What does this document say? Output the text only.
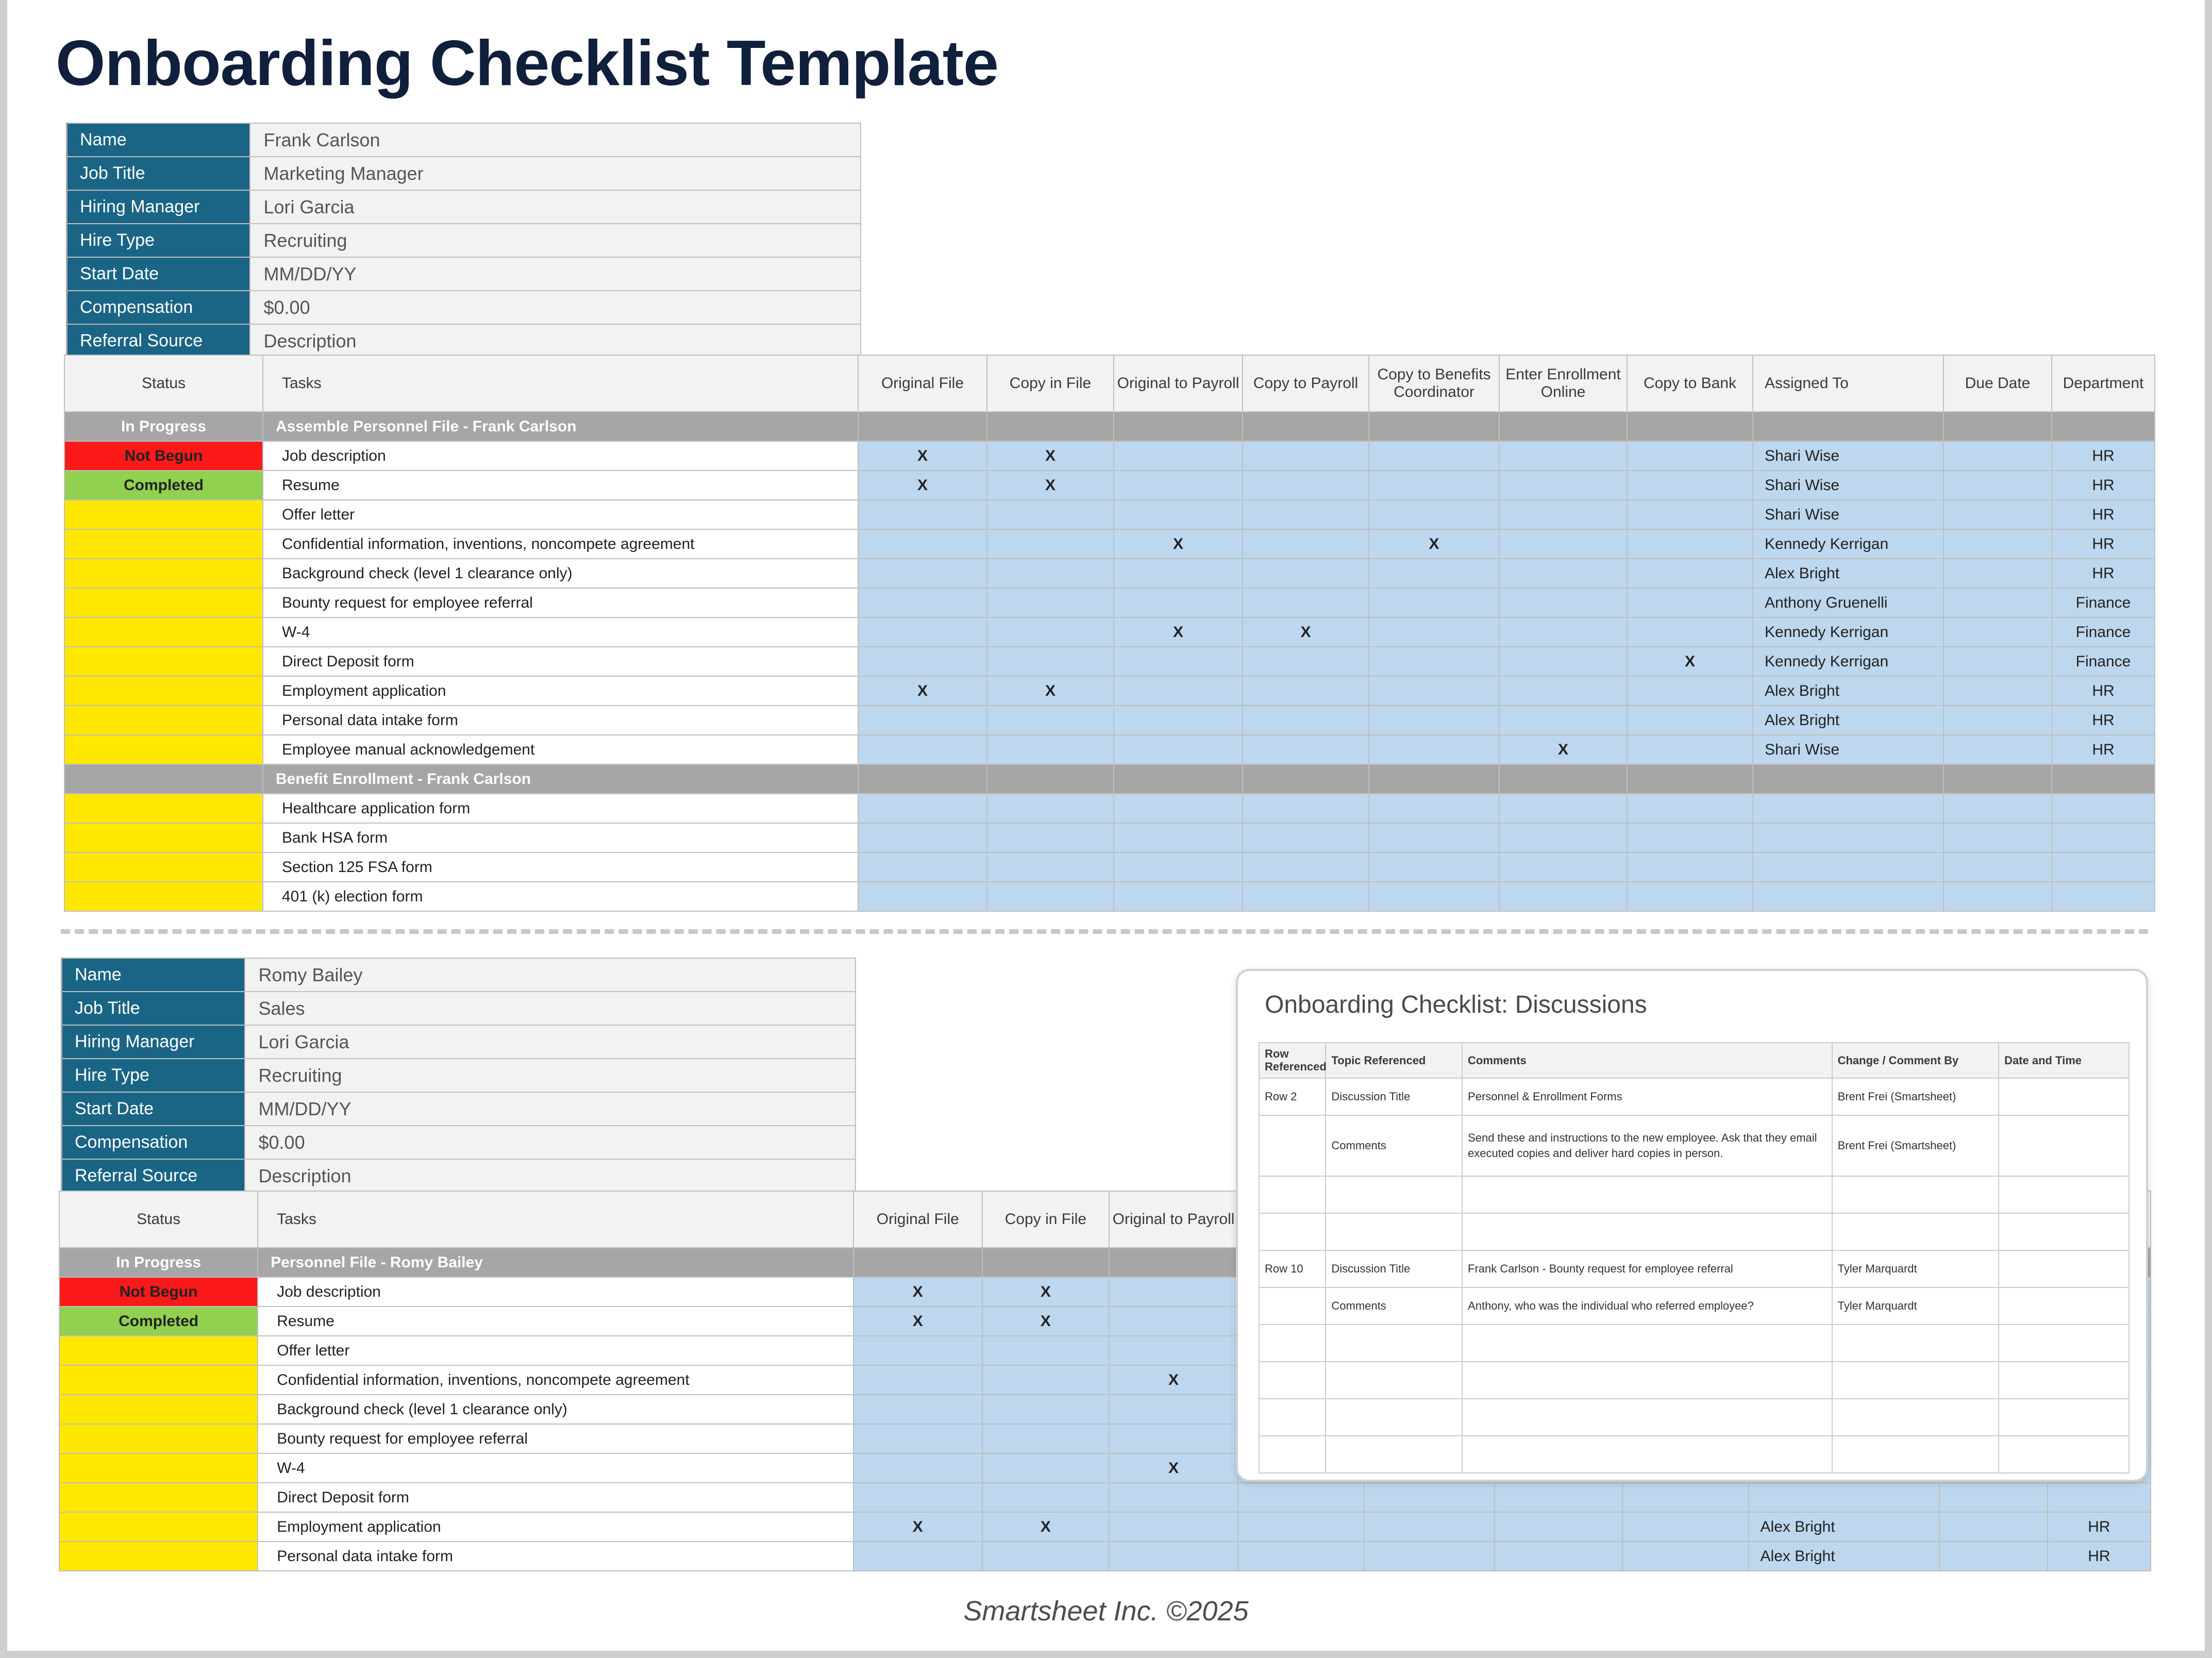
Onboarding Checklist Template
Name	Frank Carlson
Job Title	Marketing Manager
Hiring Manager	Lori Garcia
Hire Type	Recruiting
Start Date	MM/DD/YY
Compensation	$0.00
Referral Source	Description
Status	Tasks	Original File	Copy in File	Original to Payroll	Copy to Payroll	Copy to Benefits Coordinator	Enter Enrollment Online	Copy to Bank	Assigned To	Due Date	Department
In Progress	Assemble Personnel File - Frank Carlson										
Not Begun	Job description	X	X						Shari Wise		HR
Completed	Resume	X	X						Shari Wise		HR
	Offer letter								Shari Wise		HR
	Confidential information, inventions, noncompete agreement			X		X			Kennedy Kerrigan		HR
	Background check (level 1 clearance only)								Alex Bright		HR
	Bounty request for employee referral								Anthony Gruenelli		Finance
	W-4			X	X				Kennedy Kerrigan		Finance
	Direct Deposit form							X	Kennedy Kerrigan		Finance
	Employment application	X	X						Alex Bright		HR
	Personal data intake form								Alex Bright		HR
	Employee manual acknowledgement						X		Shari Wise		HR
	Benefit Enrollment - Frank Carlson										
	Healthcare application form										
	Bank HSA form										
	Section 125 FSA form										
	401 (k) election form										
Name	Romy Bailey
Job Title	Sales
Hiring Manager	Lori Garcia
Hire Type	Recruiting
Start Date	MM/DD/YY
Compensation	$0.00
Referral Source	Description
Status	Tasks	Original File	Copy in File	Original to Payroll							
In Progress	Personnel File - Romy Bailey										
Not Begun	Job description	X	X								
Completed	Resume	X	X								
	Offer letter										
	Confidential information, inventions, noncompete agreement			X							
	Background check (level 1 clearance only)										
	Bounty request for employee referral										
	W-4			X							
	Direct Deposit form										
	Employment application	X	X						Alex Bright		HR
	Personal data intake form								Alex Bright		HR
Onboarding Checklist: Discussions
Row Referenced	Topic Referenced	Comments	Change / Comment By	Date and Time
Row 2	Discussion Title	Personnel & Enrollment Forms	Brent Frei (Smartsheet)	
	Comments	Send these and instructions to the new employee. Ask that they email executed copies and deliver hard copies in person.	Brent Frei (Smartsheet)	

Row 10	Discussion Title	Frank Carlson - Bounty request for employee referral	Tyler Marquardt	
	Comments	Anthony, who was the individual who referred employee?	Tyler Marquardt	

Smartsheet Inc. ©2025
